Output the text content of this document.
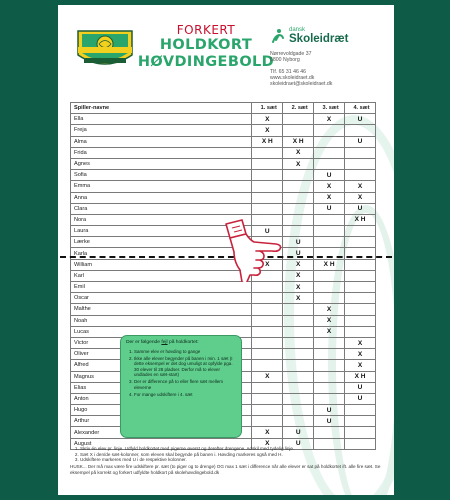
FORKERT
HOLDKORT
HØVDINGEBOLD
dansk
Skoleidræt
Nørrevoldgade 37
5800 Nyborg
Tlf. 65 31 46 46
www.skoleidraet.dk
skoleidraet@skoleidraet.dk
Spiller-navne	1. sæt	2. sæt	3. sæt	4. sæt
Ella	X		X	U
Freja	X			
Alma	X H	X H		U
Frida		X		
Agnes		X		
Sofia			U	
Emma			X	X
Anna			X	X
Clara			U	U
Nora				X H
Laura	U			
Lærke		U		
Karla		U		
William	X	X	X H	
Karl		X		
Emil		X		
Oscar		X		
Malthe			X	
Noah			X	
Lucas			X	
Victor				X
Oliver				X
Alfred				X
Magnus	X			X H
Elias				U
Anton				U
Hugo			U	
Arthur			U	
Alexander	X	U		
August	X	U		
Der er følgende fejl på holdkortet:
1. Samme elev er høvding to gange
2. Ikke alle elever begynder på banen i min. 1 sæt (I dette eksempel er det dog umuligt at opfylde pga. 30 elever til 28 pladser. Derfor må to elever undlades en sæt-start)
3. Der er difference på to eller flere sæt mellem eleverne
4. For mange udskiftere i 4. sæt
1. Skriv én elev pr. linje. Udfyld holdkortet med pigerne øverst og derefter drengene. Adskil med tydelig linje.
2. Sæt X i den/de sæt-kolonner, som eleven skal begynde på banen i. Høvding markeres også med H.
3. Udskiftere markeres med U i de respektive kolonner.
HUSK... Der må max være fire udskiftere pr. sæt (to piger og to drenge) OG max 1 sæt i difference når alle elever er sat på holdkortet ift. alle fire sæt. Se eksempel på korrekt og forkert udfyldte holdkort på skolehøvdingebold.dk
